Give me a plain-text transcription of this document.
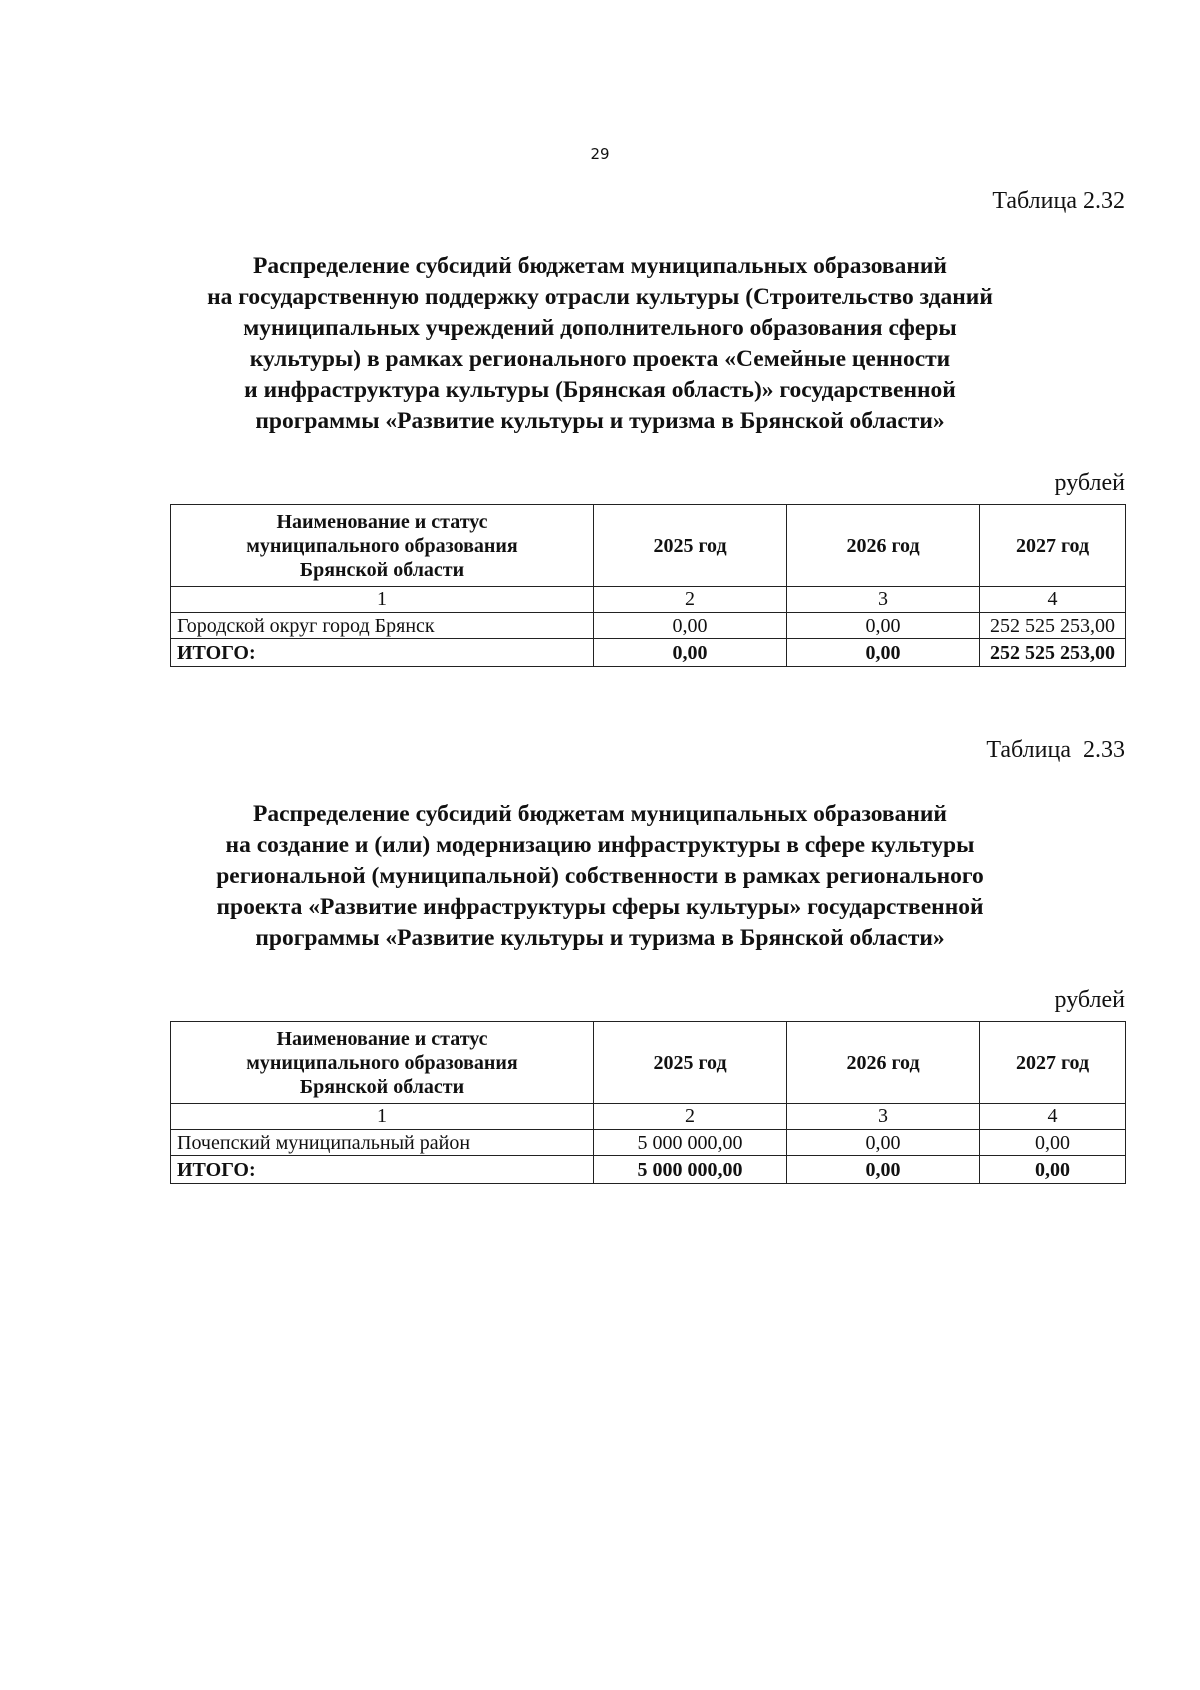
29
Таблица 2.32
Распределение субсидий бюджетам муниципальных образований
на государственную поддержку отрасли культуры (Строительство зданий
муниципальных учреждений дополнительного образования сферы
культуры) в рамках регионального проекта «Семейные ценности
и инфраструктура культуры (Брянская область)» государственной
программы «Развитие культуры и туризма в Брянской области»
рублей
Наименование и статус
муниципального образования
Брянской области	2025 год	2026 год	2027 год
1	2	3	4
Городской округ город Брянск	0,00	0,00	252 525 253,00
ИТОГО:	0,00	0,00	252 525 253,00
Таблица  2.33
Распределение субсидий бюджетам муниципальных образований
на создание и (или) модернизацию инфраструктуры в сфере культуры
региональной (муниципальной) собственности в рамках регионального
проекта «Развитие инфраструктуры сферы культуры» государственной
программы «Развитие культуры и туризма в Брянской области»
рублей
Наименование и статус
муниципального образования
Брянской области	2025 год	2026 год	2027 год
1	2	3	4
Почепский муниципальный район	5 000 000,00	0,00	0,00
ИТОГО:	5 000 000,00	0,00	0,00
